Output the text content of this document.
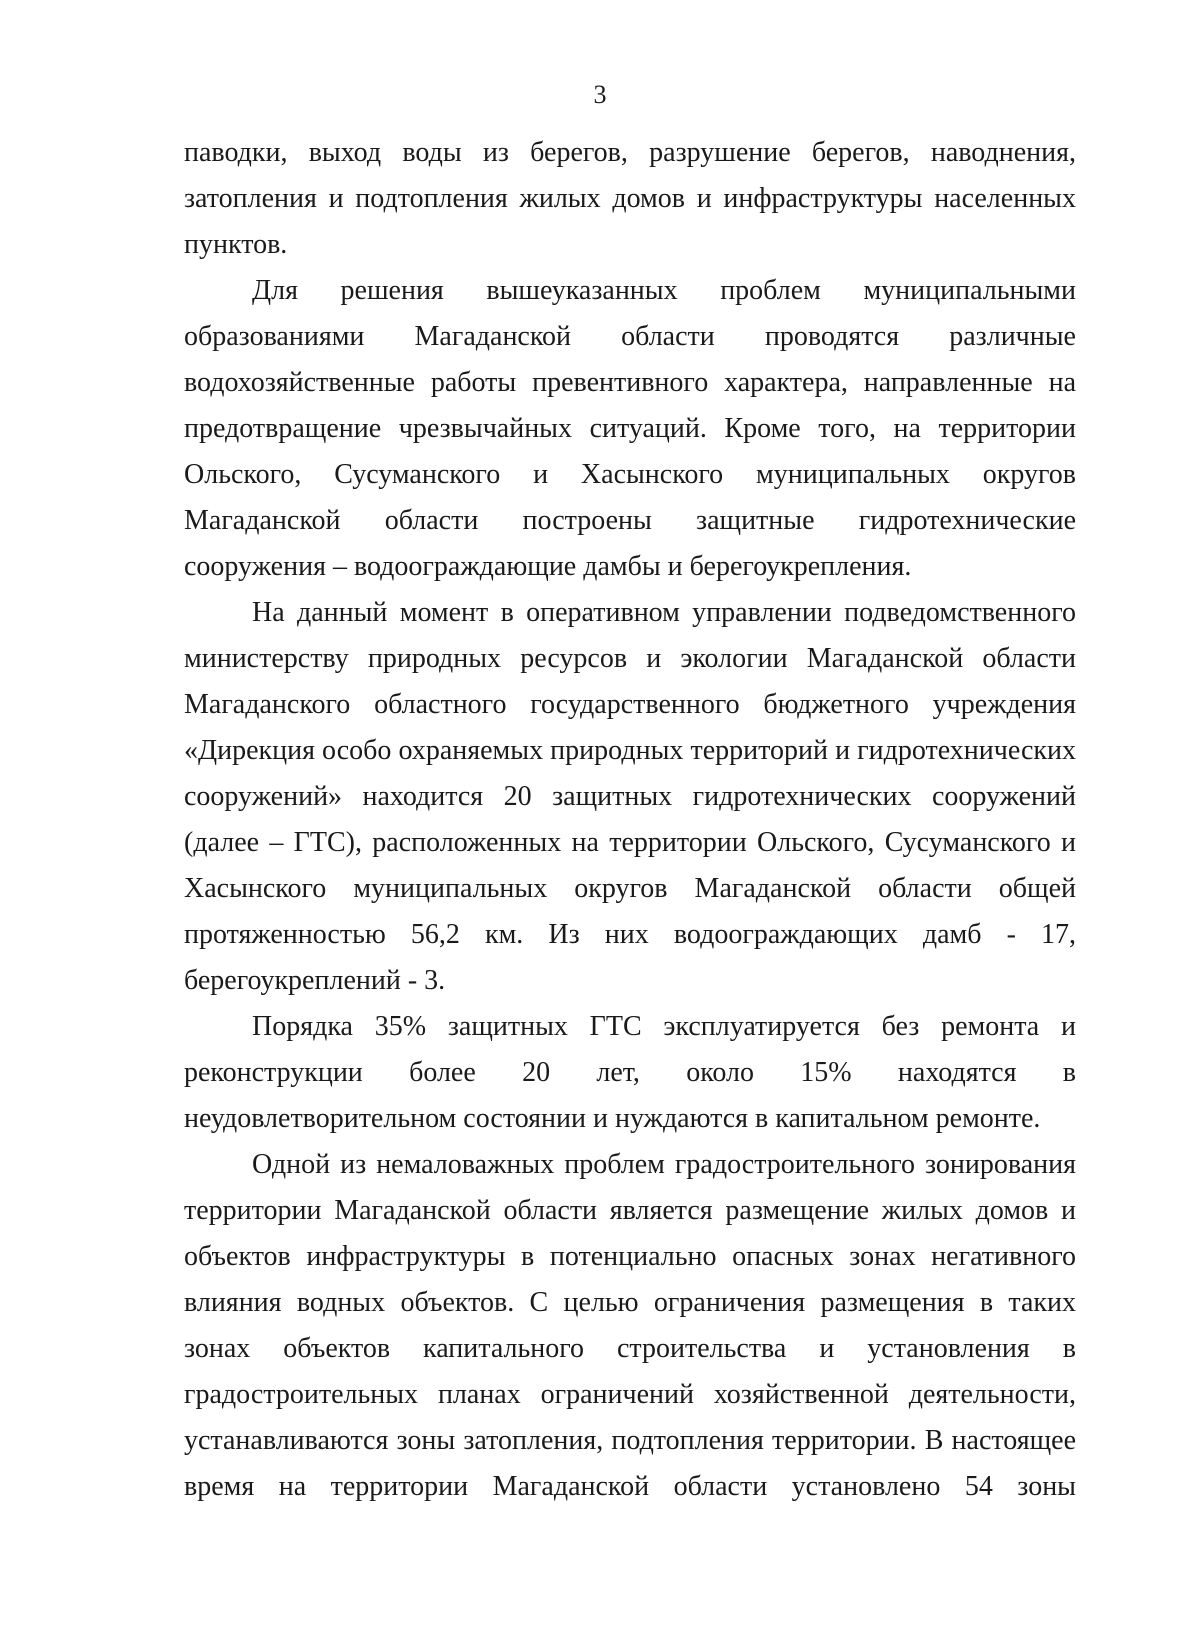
3

паводки, выход воды из берегов, разрушение берегов, наводнения, затопления и подтопления жилых домов и инфраструктуры населенных пунктов.

Для решения вышеуказанных проблем муниципальными образованиями Магаданской области проводятся различные водохозяйственные работы превентивного характера, направленные на предотвращение чрезвычайных ситуаций. Кроме того, на территории Ольского, Сусуманского и Хасынского муниципальных округов Магаданской области построены защитные гидротехнические сооружения – водоограждающие дамбы и берегоукрепления.

На данный момент в оперативном управлении подведомственного министерству природных ресурсов и экологии Магаданской области Магаданского областного государственного бюджетного учреждения «Дирекция особо охраняемых природных территорий и гидротехнических сооружений» находится 20 защитных гидротехнических сооружений (далее – ГТС), расположенных на территории Ольского, Сусуманского и Хасынского муниципальных округов Магаданской области общей протяженностью 56,2 км. Из них водоограждающих дамб - 17, берегоукреплений - 3.

Порядка 35% защитных ГТС эксплуатируется без ремонта и реконструкции более 20 лет, около 15% находятся в неудовлетворительном состоянии и нуждаются в капитальном ремонте.

Одной из немаловажных проблем градостроительного зонирования территории Магаданской области является размещение жилых домов и объектов инфраструктуры в потенциально опасных зонах негативного влияния водных объектов. С целью ограничения размещения в таких зонах объектов капитального строительства и установления в градостроительных планах ограничений хозяйственной деятельности, устанавливаются зоны затопления, подтопления территории. В настоящее время на территории Магаданской области установлено 54 зоны
